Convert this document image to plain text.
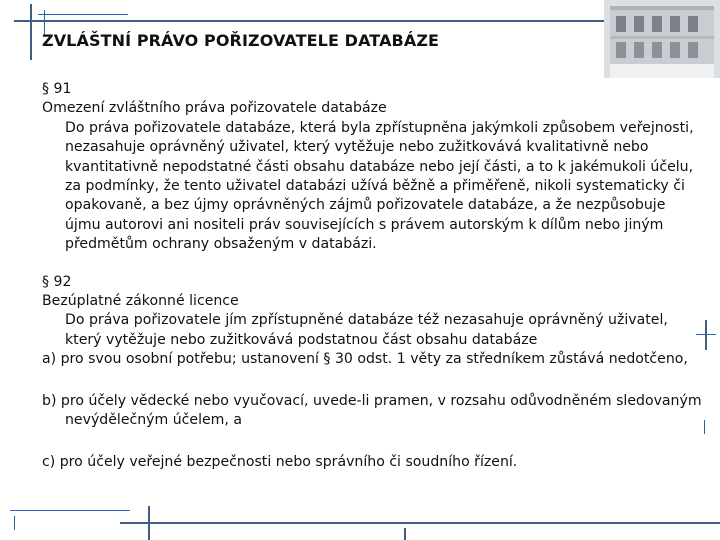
ZVLÁŠTNÍ PRÁVO POŘIZOVATELE DATABÁZE

§ 91

Omezení zvláštního práva pořizovatele databáze

Do práva pořizovatele databáze, která byla zpřístupněna jakýmkoli způsobem veřejnosti, nezasahuje oprávněný uživatel, který vytěžuje nebo zužitkovává kvalitativně nebo kvantitativně nepodstatné části obsahu databáze nebo její části, a to k jakémukoli účelu, za podmínky, že tento uživatel databázi užívá běžně a přiměřeně, nikoli systematicky či opakovaně, a bez újmy oprávněných zájmů pořizovatele databáze, a že nezpůsobuje újmu autorovi ani nositeli práv souvisejících s právem autorským k dílům nebo jiným předmětům ochrany obsaženým v databázi.

§ 92

Bezúplatné zákonné licence

Do práva pořizovatele jím zpřístupněné databáze též nezasahuje oprávněný uživatel, který vytěžuje nebo zužitkovává podstatnou část obsahu databáze

a) pro svou osobní potřebu; ustanovení § 30 odst. 1 věty za středníkem zůstává nedotčeno,

b) pro účely vědecké nebo vyučovací, uvede-li pramen, v rozsahu odůvodněném sledovaným nevýdělečným účelem, a

c) pro účely veřejné bezpečnosti nebo správního či soudního řízení.
